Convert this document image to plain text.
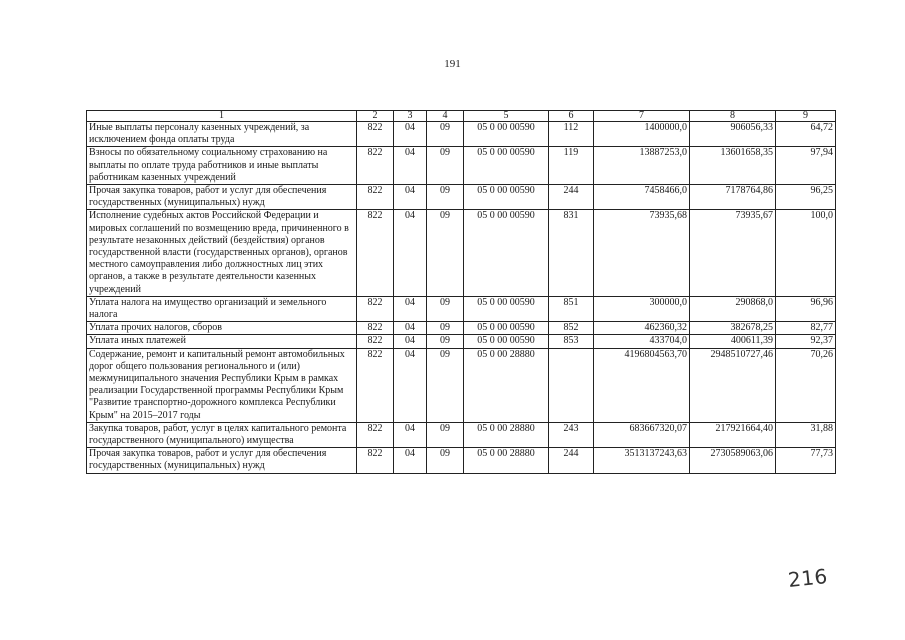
191
1	2	3	4	5	6	7	8	9
Иные выплаты персоналу казенных учреждений, за исключением фонда оплаты труда	822	04	09	05 0 00 00590	112	1400000,0	906056,33	64,72
Взносы по обязательному социальному страхованию на выплаты по оплате труда работников и иные выплаты работникам казенных учреждений	822	04	09	05 0 00 00590	119	13887253,0	13601658,35	97,94
Прочая закупка товаров, работ и услуг для обеспечения государственных (муниципальных) нужд	822	04	09	05 0 00 00590	244	7458466,0	7178764,86	96,25
Исполнение судебных актов Российской Федерации и мировых соглашений по возмещению вреда, причиненного в результате незаконных действий (бездействия) органов государственной власти (государственных органов), органов местного самоуправления либо должностных лиц этих органов, а также в результате деятельности казенных учреждений	822	04	09	05 0 00 00590	831	73935,68	73935,67	100,0
Уплата налога на имущество организаций и земельного налога	822	04	09	05 0 00 00590	851	300000,0	290868,0	96,96
Уплата прочих налогов, сборов	822	04	09	05 0 00 00590	852	462360,32	382678,25	82,77
Уплата иных платежей	822	04	09	05 0 00 00590	853	433704,0	400611,39	92,37
Содержание, ремонт и капитальный ремонт автомобильных дорог общего пользования регионального и (или) межмуниципального значения Республики Крым в рамках реализации Государственной программы Республики Крым "Развитие транспортно-дорожного комплекса Республики Крым" на 2015–2017 годы	822	04	09	05 0 00 28880		4196804563,70	2948510727,46	70,26
Закупка товаров, работ, услуг в целях капитального ремонта государственного (муниципального) имущества	822	04	09	05 0 00 28880	243	683667320,07	217921664,40	31,88
Прочая закупка товаров, работ и услуг для обеспечения государственных (муниципальных) нужд	822	04	09	05 0 00 28880	244	3513137243,63	2730589063,06	77,73
216
